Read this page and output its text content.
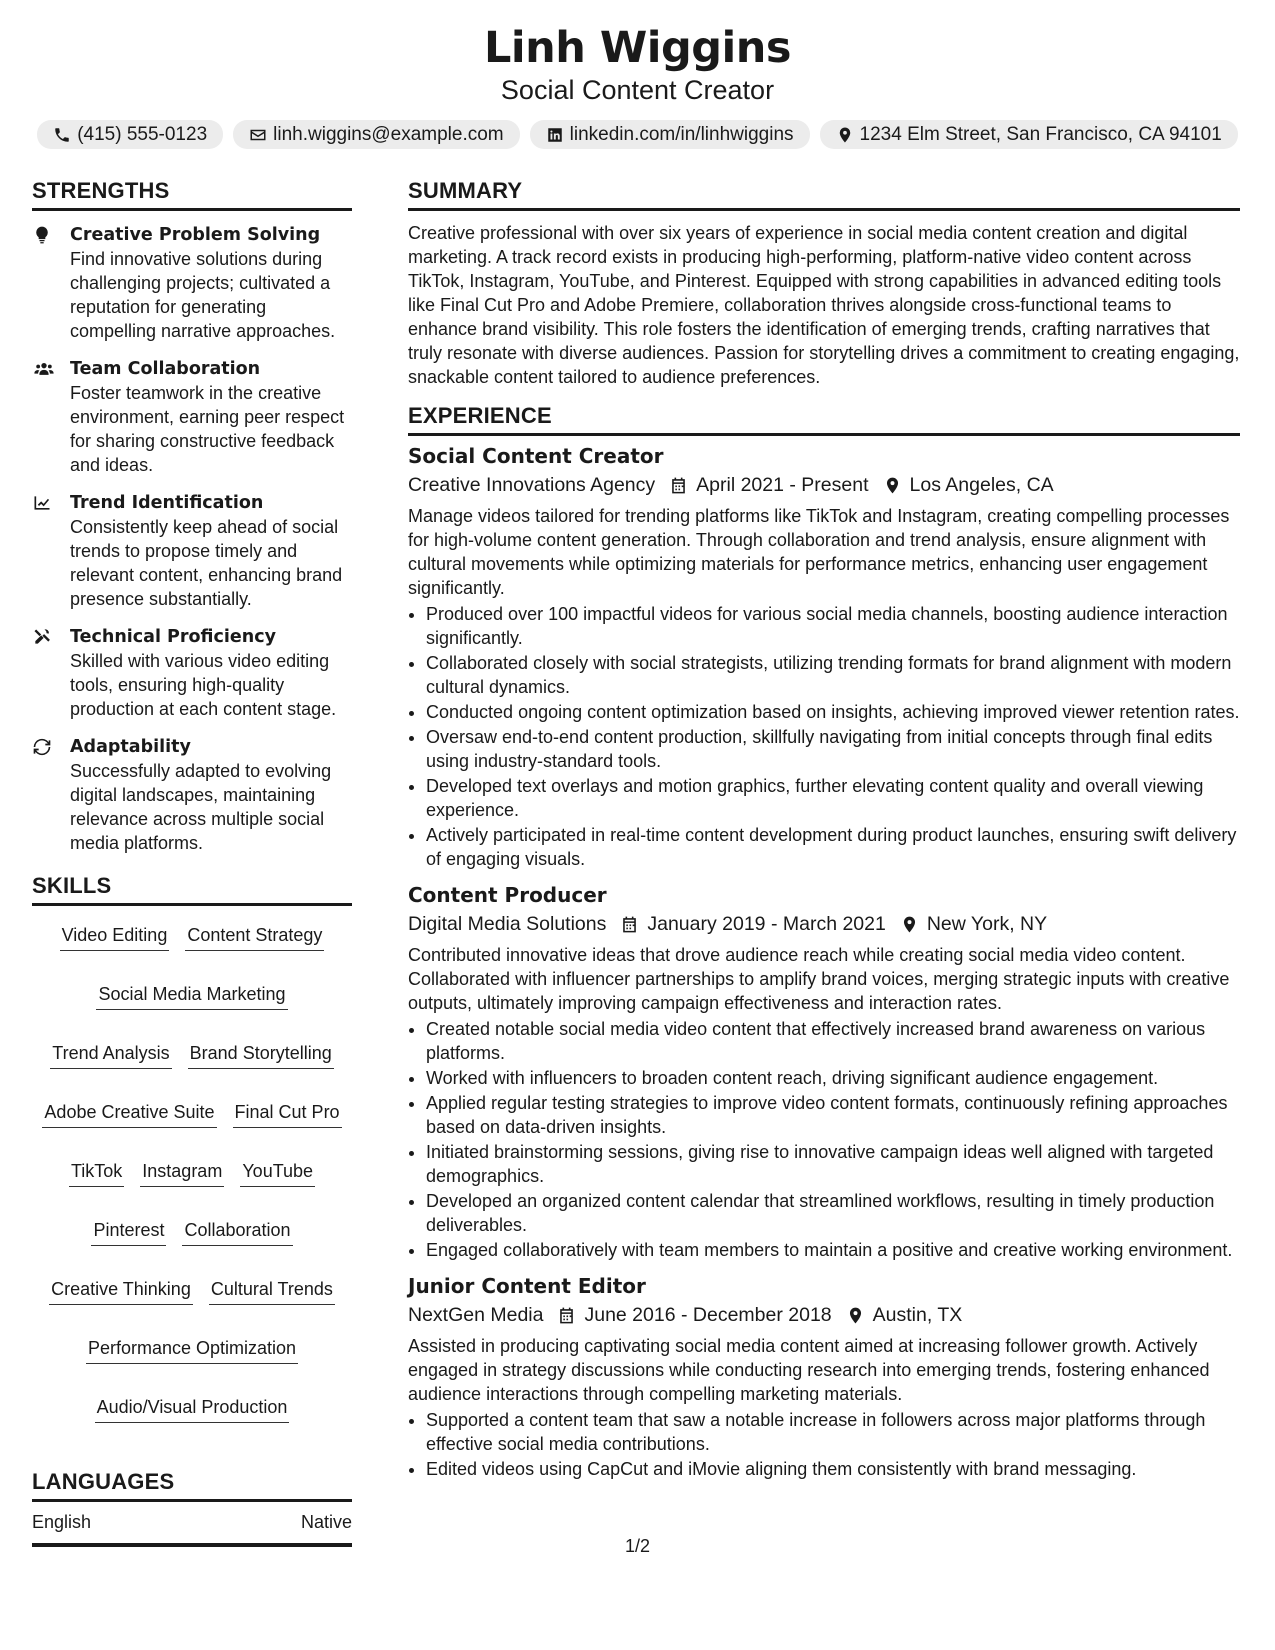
Linh Wiggins
Social Content Creator
(415) 555-0123	linh.wiggins@example.com	linkedin.com/in/linhwiggins	1234 Elm Street, San Francisco, CA 94101
STRENGTHS
Creative Problem Solving
Find innovative solutions during challenging projects; cultivated a reputation for generating compelling narrative approaches.
Team Collaboration
Foster teamwork in the creative environment, earning peer respect for sharing constructive feedback and ideas.
Trend Identification
Consistently keep ahead of social trends to propose timely and relevant content, enhancing brand presence substantially.
Technical Proficiency
Skilled with various video editing tools, ensuring high-quality production at each content stage.
Adaptability
Successfully adapted to evolving digital landscapes, maintaining relevance across multiple social media platforms.
SKILLS
Video Editing Content Strategy
Social Media Marketing
Trend Analysis Brand Storytelling
Adobe Creative Suite Final Cut Pro
TikTok Instagram YouTube
Pinterest Collaboration
Creative Thinking Cultural Trends
Performance Optimization
Audio/Visual Production
LANGUAGES
English	Native
SUMMARY

Creative professional with over six years of experience in social media content creation and digital marketing. A track record exists in producing high-performing, platform-native video content across TikTok, Instagram, YouTube, and Pinterest. Equipped with strong capabilities in advanced editing tools like Final Cut Pro and Adobe Premiere, collaboration thrives alongside cross-functional teams to enhance brand visibility. This role fosters the identification of emerging trends, crafting narratives that truly resonate with diverse audiences. Passion for storytelling drives a commitment to creating engaging, snackable content tailored to audience preferences.

EXPERIENCE
Social Content Creator
Creative Innovations Agency April 2021 - Present Los Angeles, CA

Manage videos tailored for trending platforms like TikTok and Instagram, creating compelling processes for high-volume content generation. Through collaboration and trend analysis, ensure alignment with cultural movements while optimizing materials for performance metrics, enhancing user engagement significantly.

• Produced over 100 impactful videos for various social media channels, boosting audience interaction significantly.
• Collaborated closely with social strategists, utilizing trending formats for brand alignment with modern cultural dynamics.
• Conducted ongoing content optimization based on insights, achieving improved viewer retention rates.
• Oversaw end-to-end content production, skillfully navigating from initial concepts through final edits using industry-standard tools.
• Developed text overlays and motion graphics, further elevating content quality and overall viewing experience.
• Actively participated in real-time content development during product launches, ensuring swift delivery of engaging visuals.
Content Producer
Digital Media Solutions January 2019 - March 2021 New York, NY

Contributed innovative ideas that drove audience reach while creating social media video content. Collaborated with influencer partnerships to amplify brand voices, merging strategic inputs with creative outputs, ultimately improving campaign effectiveness and interaction rates.

• Created notable social media video content that effectively increased brand awareness on various platforms.
• Worked with influencers to broaden content reach, driving significant audience engagement.
• Applied regular testing strategies to improve video content formats, continuously refining approaches based on data-driven insights.
• Initiated brainstorming sessions, giving rise to innovative campaign ideas well aligned with targeted demographics.
• Developed an organized content calendar that streamlined workflows, resulting in timely production deliverables.
• Engaged collaboratively with team members to maintain a positive and creative working environment.
Junior Content Editor
NextGen Media June 2016 - December 2018 Austin, TX

Assisted in producing captivating social media content aimed at increasing follower growth. Actively engaged in strategy discussions while conducting research into emerging trends, fostering enhanced audience interactions through compelling marketing materials.

• Supported a content team that saw a notable increase in followers across major platforms through effective social media contributions.
• Edited videos using CapCut and iMovie aligning them consistently with brand messaging.
1/2
